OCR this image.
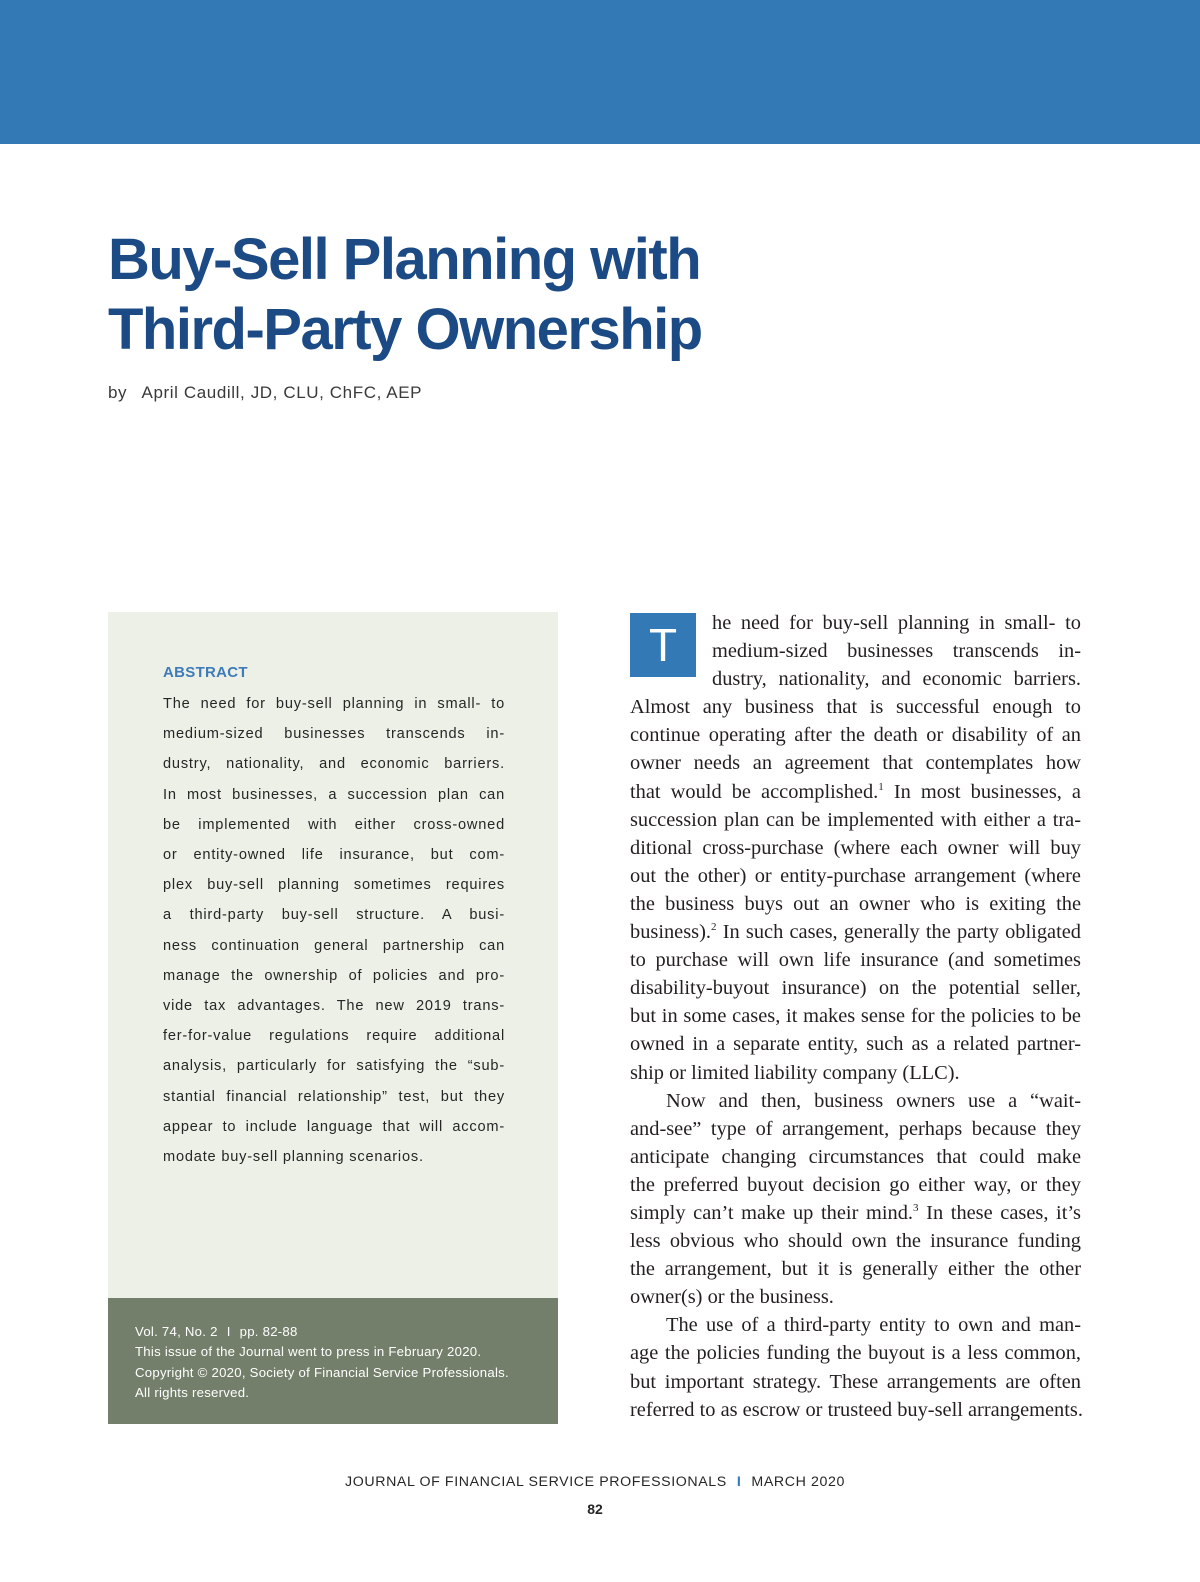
Buy-Sell Planning with
Third-Party Ownership
by April Caudill, JD, CLU, ChFC, AEP
ABSTRACT

The need for buy-sell planning in small- to

medium-sized businesses transcends in-

dustry, nationality, and economic barriers.

In most businesses, a succession plan can

be implemented with either cross-owned

or entity-owned life insurance, but com-

plex buy-sell planning sometimes requires

a third-party buy-sell structure. A busi-

ness continuation general partnership can

manage the ownership of policies and pro-

vide tax advantages. The new 2019 trans-

fer-for-value regulations require additional

analysis, particularly for satisfying the “sub-

stantial financial relationship” test, but they

appear to include language that will accom-

modate buy-sell planning scenarios.

Vol. 74, No. 2 I pp. 82-88
This issue of the Journal went to press in February 2020.
Copyright © 2020, Society of Financial Service Professionals.
All rights reserved.
T	he need for buy-sell planning in small- to

medium-sized businesses transcends in-

dustry, nationality, and economic barriers.

Almost any business that is successful enough to

continue operating after the death or disability of an

owner needs an agreement that contemplates how

that would be accomplished.$^1$ In most businesses, a

succession plan can be implemented with either a tra-

ditional cross-purchase (where each owner will buy

out the other) or entity-purchase arrangement (where

the business buys out an owner who is exiting the

business).$^2$ In such cases, generally the party obligated

to purchase will own life insurance (and sometimes

disability-buyout insurance) on the potential seller,

but in some cases, it makes sense for the policies to be

owned in a separate entity, such as a related partner-

ship or limited liability company (LLC).

Now and then, business owners use a “wait-

and-see” type of arrangement, perhaps because they

anticipate changing circumstances that could make

the preferred buyout decision go either way, or they

simply can’t make up their mind.$^3$ In these cases, it’s

less obvious who should own the insurance funding

the arrangement, but it is generally either the other

owner(s) or the business.

The use of a third-party entity to own and man-

age the policies funding the buyout is a less common,

but important strategy. These arrangements are often

referred to as escrow or trusteed buy-sell arrangements.

JOURNAL OF FINANCIAL SERVICE PROFESSIONALS I MARCH 2020
82
